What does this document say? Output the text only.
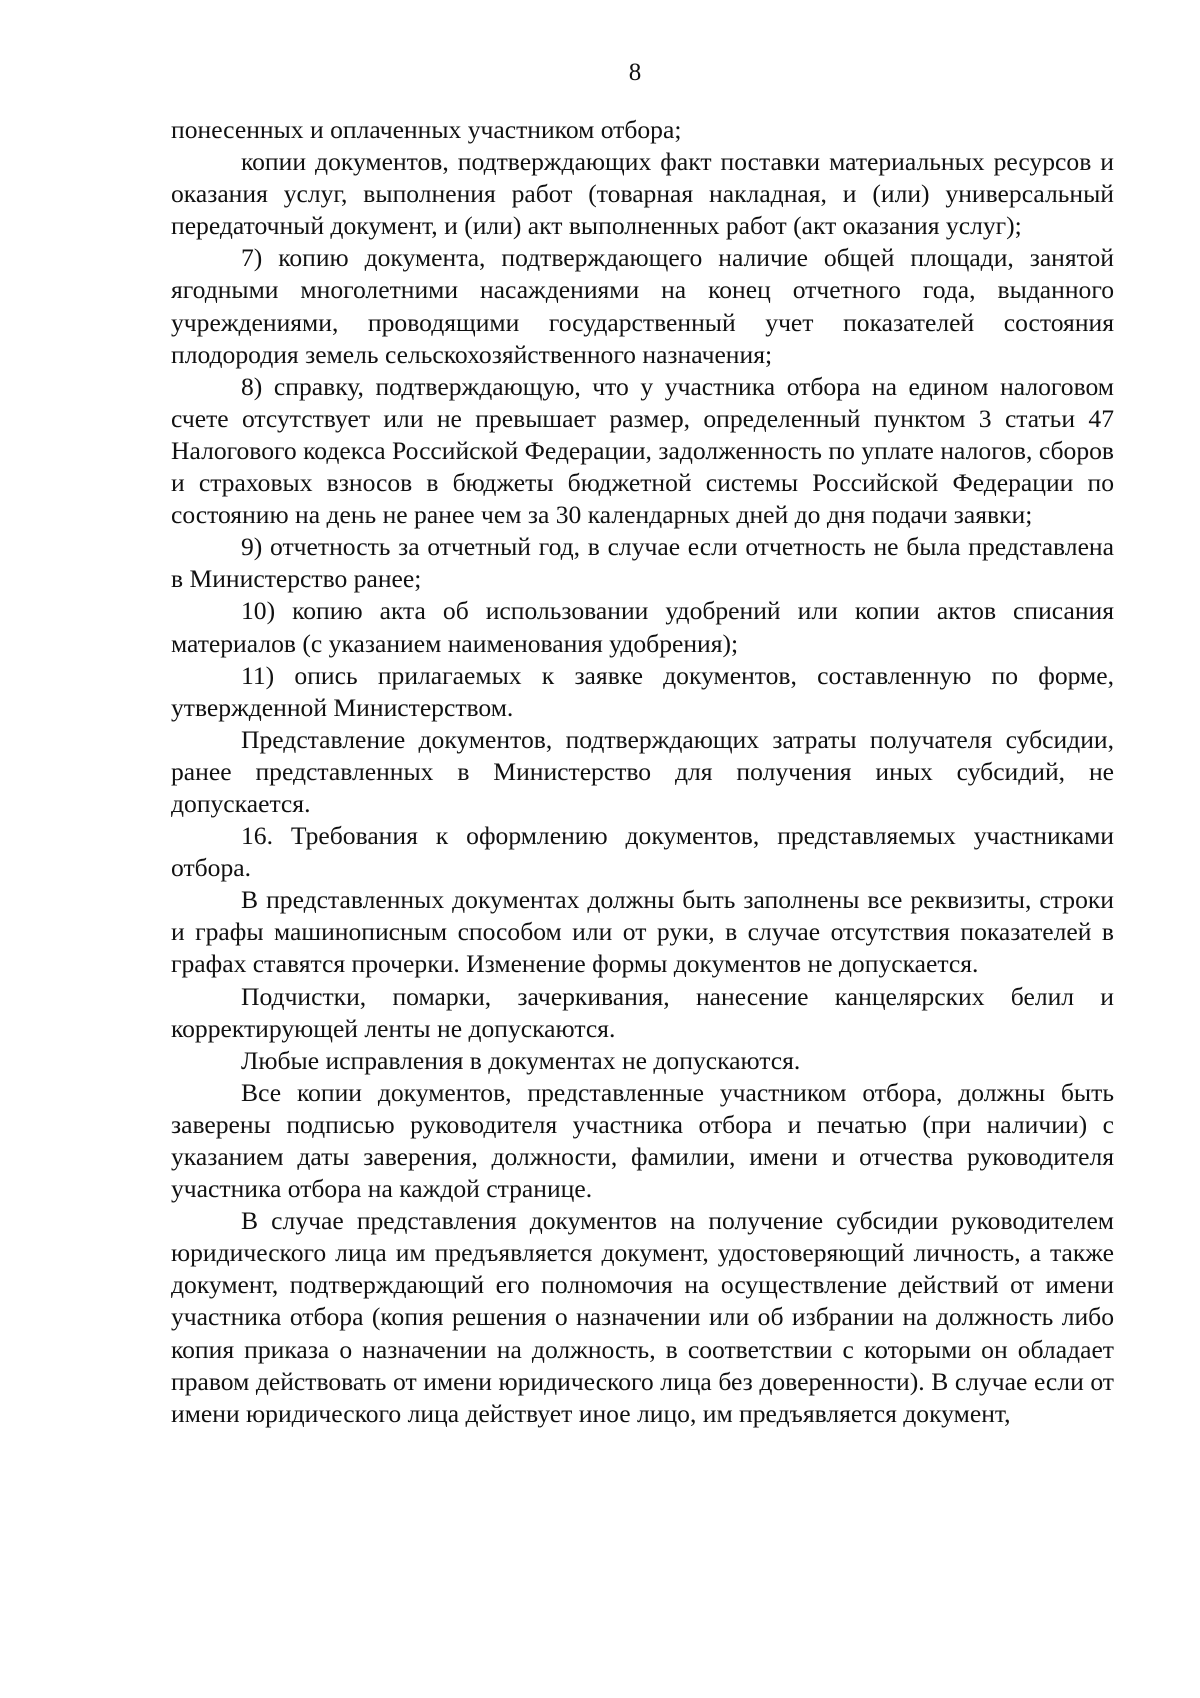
8

понесенных и оплаченных участником отбора;

копии документов, подтверждающих факт поставки материальных ресурсов и оказания услуг, выполнения работ (товарная накладная, и (или) универсальный передаточный документ, и (или) акт выполненных работ (акт оказания услуг);

7) копию документа, подтверждающего наличие общей площади, занятой ягодными многолетними насаждениями на конец отчетного года, выданного учреждениями, проводящими государственный учет показателей состояния плодородия земель сельскохозяйственного назначения;

8) справку, подтверждающую, что у участника отбора на едином налоговом счете отсутствует или не превышает размер, определенный пунктом 3 статьи 47 Налогового кодекса Российской Федерации, задолженность по уплате налогов, сборов и страховых взносов в бюджеты бюджетной системы Российской Федерации по состоянию на день не ранее чем за 30 календарных дней до дня подачи заявки;

9) отчетность за отчетный год, в случае если отчетность не была представлена в Министерство ранее;

10) копию акта об использовании удобрений или копии актов списания материалов (с указанием наименования удобрения);

11) опись прилагаемых к заявке документов, составленную по форме, утвержденной Министерством.

Представление документов, подтверждающих затраты получателя субсидии, ранее представленных в Министерство для получения иных субсидий, не допускается.

16. Требования к оформлению документов, представляемых участниками отбора.

В представленных документах должны быть заполнены все реквизиты, строки и графы машинописным способом или от руки, в случае отсутствия показателей в графах ставятся прочерки. Изменение формы документов не допускается.

Подчистки, помарки, зачеркивания, нанесение канцелярских белил и корректирующей ленты не допускаются.

Любые исправления в документах не допускаются.

Все копии документов, представленные участником отбора, должны быть заверены подписью руководителя участника отбора и печатью (при наличии) с указанием даты заверения, должности, фамилии, имени и отчества руководителя участника отбора на каждой странице.

В случае представления документов на получение субсидии руководителем юридического лица им предъявляется документ, удостоверяющий личность, а также документ, подтверждающий его полномочия на осуществление действий от имени участника отбора (копия решения о назначении или об избрании на должность либо копия приказа о назначении на должность, в соответствии с которыми он обладает правом действовать от имени юридического лица без доверенности). В случае если от имени юридического лица действует иное лицо, им предъявляется документ,
